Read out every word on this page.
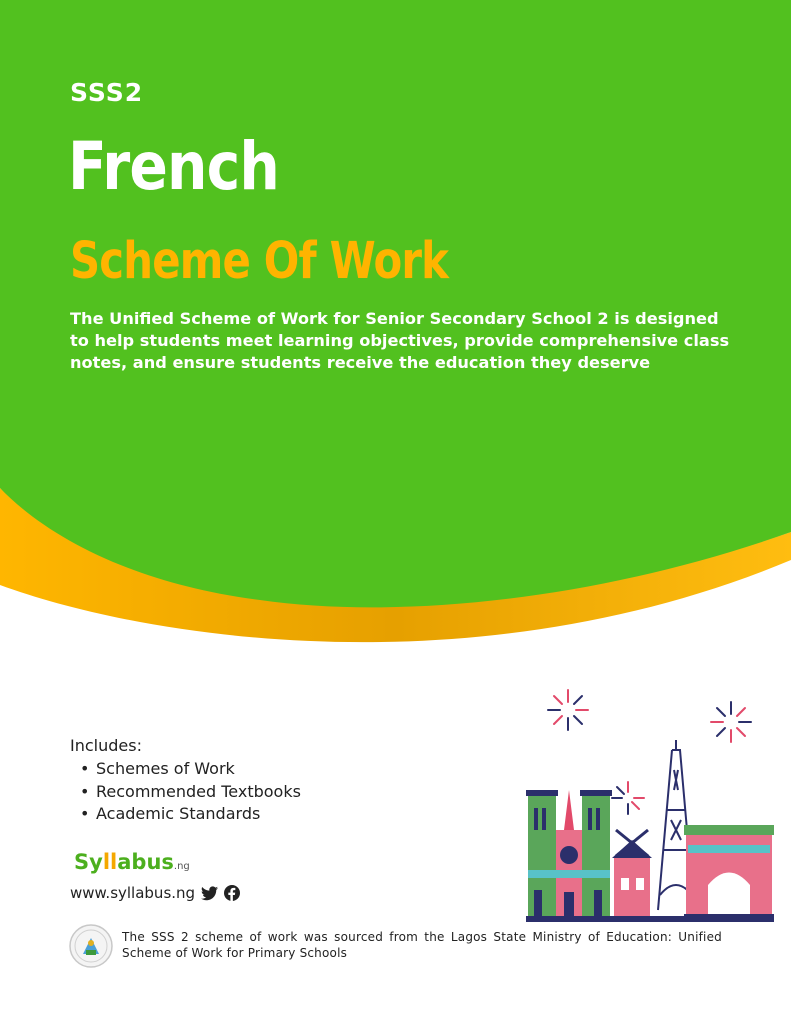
SSS2
French
Scheme Of Work
The Unified Scheme of Work for Senior Secondary School 2 is designed to help students meet learning objectives, provide comprehensive class notes, and ensure students receive the education they deserve
Includes:
• Schemes of Work
• Recommended Textbooks
• Academic Standards
Syllabus.ng
www.syllabus.ng
The SSS 2 scheme of work was sourced from the Lagos State Ministry of Education: Unified Scheme of Work for Primary Schools
